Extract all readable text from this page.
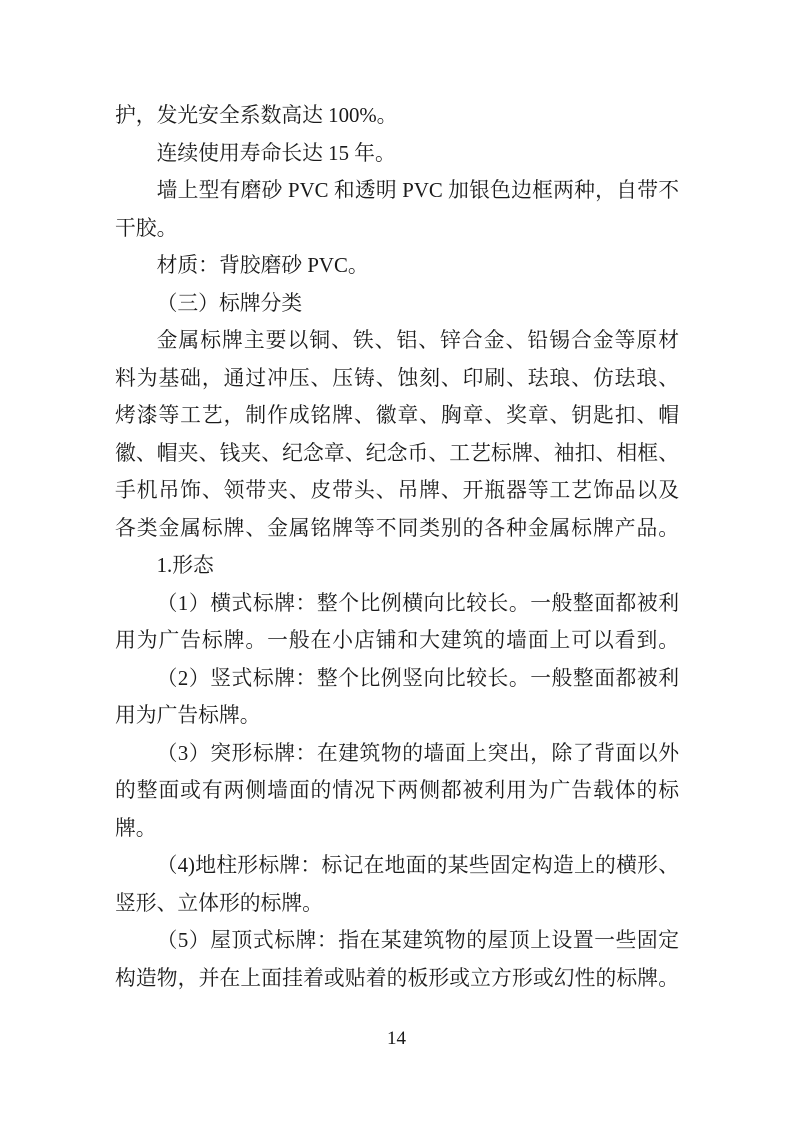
护，发光安全系数高达 100%。
连续使用寿命长达 15 年。
墙上型有磨砂 PVC 和透明 PVC 加银色边框两种，自带不
干胶。
材质：背胶磨砂 PVC。
（三）标牌分类
金属标牌主要以铜、铁、铝、锌合金、铅锡合金等原材
料为基础，通过冲压、压铸、蚀刻、印刷、珐琅、仿珐琅、
烤漆等工艺，制作成铭牌、徽章、胸章、奖章、钥匙扣、帽
徽、帽夹、钱夹、纪念章、纪念币、工艺标牌、袖扣、相框、
手机吊饰、领带夹、皮带头、吊牌、开瓶器等工艺饰品以及
各类金属标牌、金属铭牌等不同类别的各种金属标牌产品。
1.形态
（1）横式标牌：整个比例横向比较长。一般整面都被利
用为广告标牌。一般在小店铺和大建筑的墙面上可以看到。
（2）竖式标牌：整个比例竖向比较长。一般整面都被利
用为广告标牌。
（3）突形标牌：在建筑物的墙面上突出，除了背面以外
的整面或有两侧墙面的情况下两侧都被利用为广告载体的标
牌。
（4)地柱形标牌：标记在地面的某些固定构造上的横形、
竖形、立体形的标牌。
（5）屋顶式标牌：指在某建筑物的屋顶上设置一些固定
构造物，并在上面挂着或贴着的板形或立方形或幻性的标牌。
14
